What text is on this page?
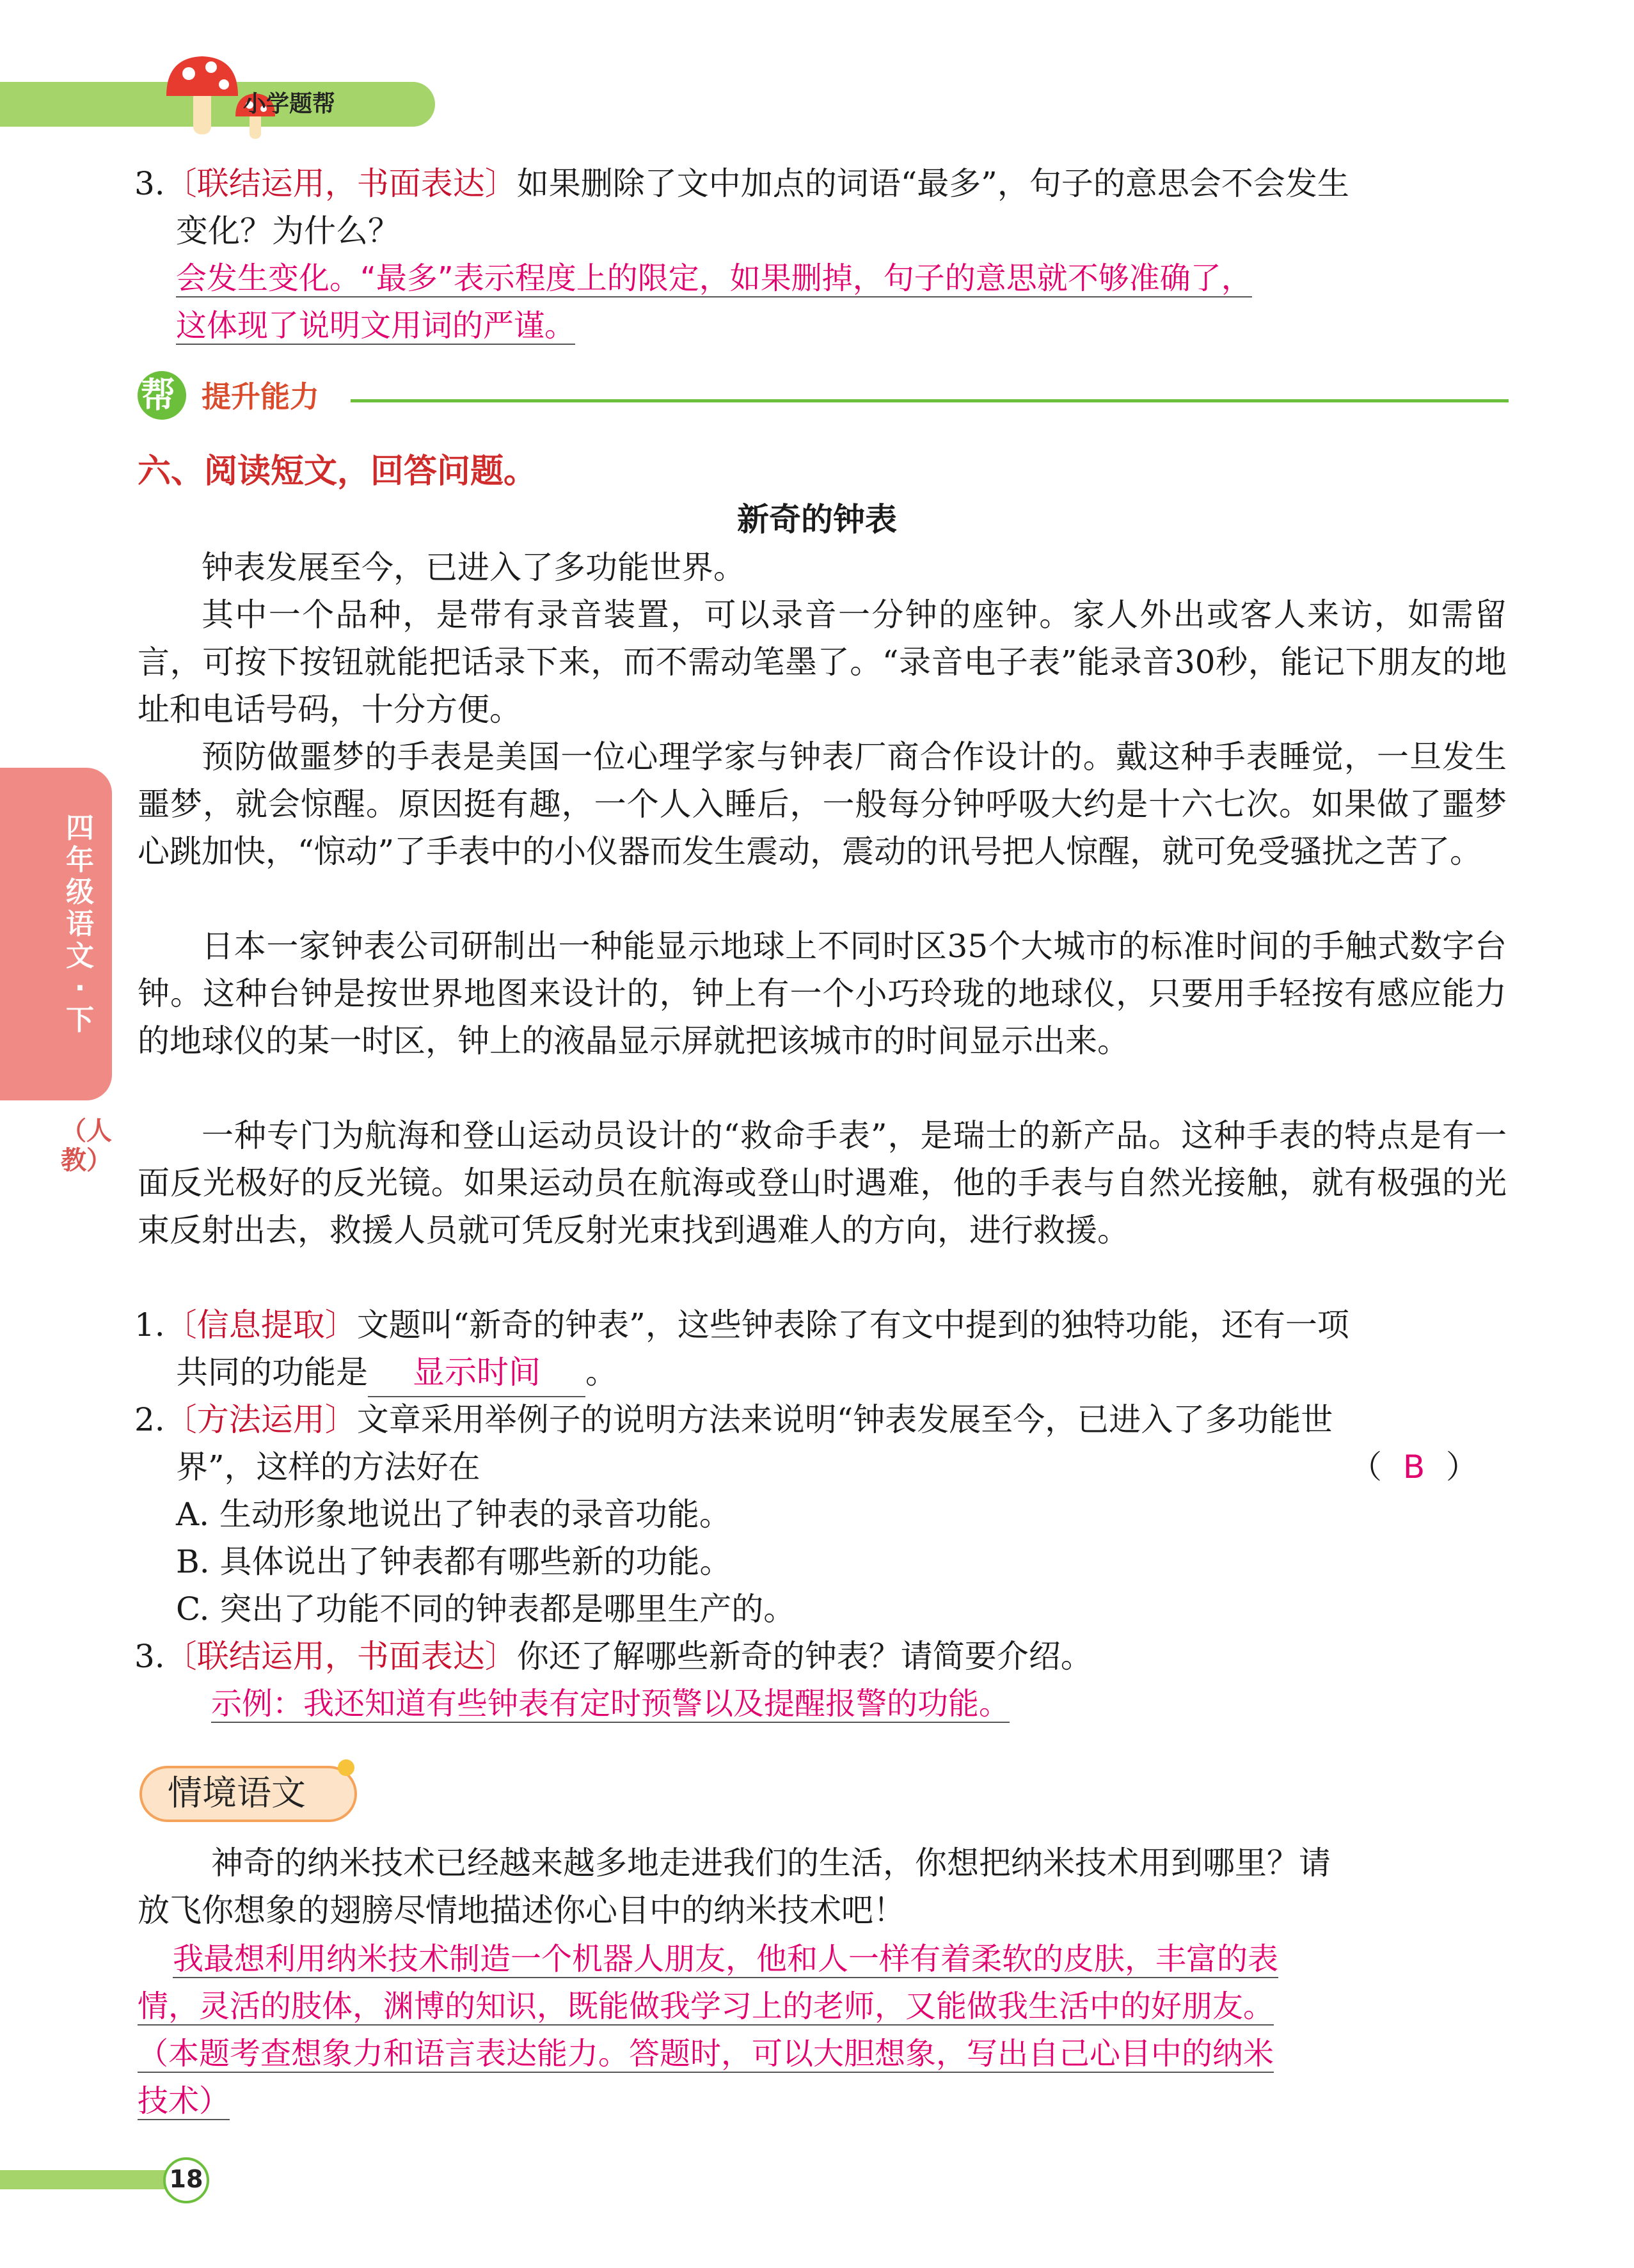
小学题帮
四年级语文·下
（人教）
3.〔联结运用，书面表达〕如果删除了文中加点的词语“最多”，句子的意思会不会发生
变化？为什么？
会发生变化。“最多”表示程度上的限定，如果删掉，句子的意思就不够准确了，
这体现了说明文用词的严谨。
帮 提升能力
六、阅读短文，回答问题。
新奇的钟表
钟表发展至今，已进入了多功能世界。
其中一个品种，是带有录音装置，可以录音一分钟的座钟。家人外出或客人来访，如需留言，可按下按钮就能把话录下来，而不需动笔墨了。“录音电子表”能录音30秒，能记下朋友的地址和电话号码，十分方便。
预防做噩梦的手表是美国一位心理学家与钟表厂商合作设计的。戴这种手表睡觉，一旦发生噩梦，就会惊醒。原因挺有趣，一个人入睡后，一般每分钟呼吸大约是十六七次。如果做了噩梦心跳加快，“惊动”了手表中的小仪器而发生震动，震动的讯号把人惊醒，就可免受骚扰之苦了。
日本一家钟表公司研制出一种能显示地球上不同时区35个大城市的标准时间的手触式数字台钟。这种台钟是按世界地图来设计的，钟上有一个小巧玲珑的地球仪，只要用手轻按有感应能力的地球仪的某一时区，钟上的液晶显示屏就把该城市的时间显示出来。
一种专门为航海和登山运动员设计的“救命手表”，是瑞士的新产品。这种手表的特点是有一面反光极好的反光镜。如果运动员在航海或登山时遇难，他的手表与自然光接触，就有极强的光束反射出去，救援人员就可凭反射光束找到遇难人的方向，进行救援。
1.〔信息提取〕文题叫“新奇的钟表”，这些钟表除了有文中提到的独特功能，还有一项
共同的功能是 显示时间 。
2.〔方法运用〕文章采用举例子的说明方法来说明“钟表发展至今，已进入了多功能世
界”，这样的方法好在	（ B ）
A. 生动形象地说出了钟表的录音功能。
B. 具体说出了钟表都有哪些新的功能。
C. 突出了功能不同的钟表都是哪里生产的。
3.〔联结运用，书面表达〕你还了解哪些新奇的钟表？请简要介绍。
示例：我还知道有些钟表有定时预警以及提醒报警的功能。
情境语文
神奇的纳米技术已经越来越多地走进我们的生活，你想把纳米技术用到哪里？请
放飞你想象的翅膀尽情地描述你心目中的纳米技术吧！
我最想利用纳米技术制造一个机器人朋友，他和人一样有着柔软的皮肤，丰富的表
情，灵活的肢体，渊博的知识，既能做我学习上的老师，又能做我生活中的好朋友。
（本题考查想象力和语言表达能力。答题时，可以大胆想象，写出自己心目中的纳米
技术）
18
